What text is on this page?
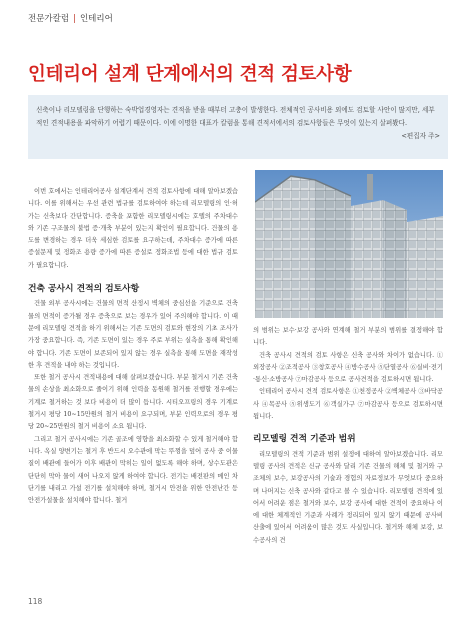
전문가칼럼 | 인테리어
인테리어 설계 단계에서의 견적 검토사항

신축이나 리모델링을 단행하는 숙박업경영자는 견적을 받을 때부터 고충이 발생한다. 전체적인 공사비용 외에도 검토할 사안이 많지만, 세부적인 견적내용을 파악하기 어렵기 때문이다. 이에 이명한 대표가 칼럼을 통해 견적서에서의 검토사항들은 무엇이 있는지 살펴봤다.
<편집자 주>

이번 호에서는 인테리어공사 설계단계서 견적 검토사항에 대해 알아보겠습니다. 이를 위해서는 우선 관련 법규를 검토하여야 하는데 리모델링의 인·허가는 신축보다 간단합니다. 증축을 포함한 리모델링시에는 호텔의 주차대수와 기존 구조물의 불법 증·개축 부분이 있는지 확인이 필요합니다. 건물의 용도를 변경하는 경우 더욱 세심한 검토를 요구하는데, 주차대수 증가에 따른 증설문제 및 정화조 용량 증가에 따른 증설로 정화조법 등에 대한 법규 검토가 필요합니다.

건축 공사시 견적의 검토사항

건물 외부 공사시에는 건물의 면적 산정시 벽체의 중심선을 기준으로 건축물의 면적이 증가될 경우 증축으로 보는 경우가 있어 주의해야 합니다. 이 때문에 리모델링 견적을 하기 위해서는 기존 도면의 검토와 현장의 기초 조사가 가장 중요합니다. 즉, 기존 도면이 있는 경우 주로 부위는 실측을 통해 확인해야 합니다. 기존 도면이 보존되어 있지 않는 경우 실측을 통해 도면을 재작성한 후 견적을 내야 하는 것입니다.

또한 철거 공사시 견적내용에 대해 살펴보겠습니다. 부분 철거시 기존 건축물의 손상을 최소화으로 줄이기 위해 인력을 동원해 철거를 진행할 경우에는 기계로 철거하는 것 보다 비용이 더 많이 듭니다. 시티오프링의 경우 기계로 철거시 평당 10~15만원의 철거 비용이 요구되며, 부분 인력으로의 경우 평당 20~25만원의 철거 비용이 소요 됩니다.

그리고 철거 공사시에는 기존 골조에 영향을 최소화할 수 있게 철거해야 합니다. 옥실 양변기는 철거 후 반드시 오수관에 막는 뚜껑을 덮어 공사 중 이물질이 배관에 들어가 이후 배관이 막히는 일이 없도록 해야 하며, 상수도관은 단단히 막아 물이 새어 나오지 않게 하여야 합니다. 전기는 배전판의 메인 차단기를 내리고 가설 전기를 설치해야 하며, 철거시 안전을 위한 안전난간 등 안전가설물을 설치해야 합니다. 철거

의 범위는 보수·보강 공사와 연계해 철거 부분의 범위를 결정해야 합니다.

건축 공사시 견적의 검토 사항은 신축 공사와 차이가 없습니다. ①외장공사 ②조적공사 ③창호공사 ④방수공사 ⑤단열공사 ⑥실비·전기·통신·소방공사 ⑦마감공사 등으로 공사견적을 검토하시면 됩니다.

인테리어 공사시 견적 검토사항은 ①천정공사 ②벽체공사 ③바닥공사 ④목공사 ⑤위생도기 ⑥객실가구 ⑦마감공사 등으로 검토하시면 됩니다.

리모델링 견적 기준과 범위

리모델링의 견적 기준과 범위 설정에 대하여 알아보겠습니다. 리모델링 공사의 견적은 신규 공사와 달리 기존 건물의 해체 및 철거와 구조체의 보수, 보강공사의 기술과 경험의 자료정보가 무엇보다 중요하며 나머지는 신축 공사와 같다고 볼 수 있습니다. 리모델링 견적에 있어서 어려운 점은 철거와 보수, 보강 공사에 대한 견적이 중요하나 이에 대한 체계적인 기준과 사례가 정리되어 있지 않기 때문에 공사비 산출에 있어서 어려움이 많은 것도 사실입니다. 철거와 해체 보강, 보수공사의 견

118
